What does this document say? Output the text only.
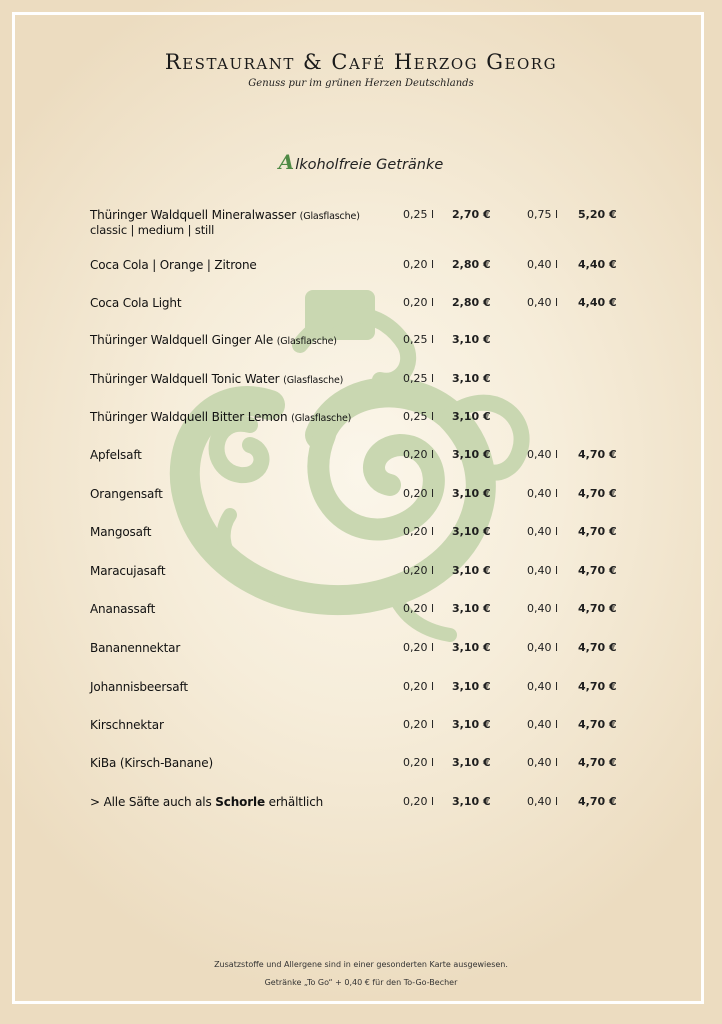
Restaurant & Café Herzog Georg
Genuss pur im grünen Herzen Deutschlands
Alkoholfreie Getränke
Thüringer Waldquell Mineralwasser (Glasflasche)
classic | medium | still
0,25 l 2,70 €	0,75 l 5,20 €
Coca Cola | Orange | Zitrone	0,20 l 2,80 €	0,40 l 4,40 €
Coca Cola Light	0,20 l 2,80 €	0,40 l 4,40 €
Thüringer Waldquell Ginger Ale (Glasflasche)	0,25 l 3,10 €
Thüringer Waldquell Tonic Water (Glasflasche)	0,25 l 3,10 €
Thüringer Waldquell Bitter Lemon (Glasflasche)	0,25 l 3,10 €
Apfelsaft	0,20 l 3,10 €	0,40 l 4,70 €
Orangensaft	0,20 l 3,10 €	0,40 l 4,70 €
Mangosaft	0,20 l 3,10 €	0,40 l 4,70 €
Maracujasaft	0,20 l 3,10 €	0,40 l 4,70 €
Ananassaft	0,20 l 3,10 €	0,40 l 4,70 €
Bananennektar	0,20 l 3,10 €	0,40 l 4,70 €
Johannisbeersaft	0,20 l 3,10 €	0,40 l 4,70 €
Kirschnektar	0,20 l 3,10 €	0,40 l 4,70 €
KiBa (Kirsch-Banane)	0,20 l 3,10 €	0,40 l 4,70 €
> Alle Säfte auch als Schorle erhältlich	0,20 l 3,10 €	0,40 l 4,70 €
Zusatzstoffe und Allergene sind in einer gesonderten Karte ausgewiesen.
Getränke „To Go“ + 0,40 € für den To-Go-Becher
